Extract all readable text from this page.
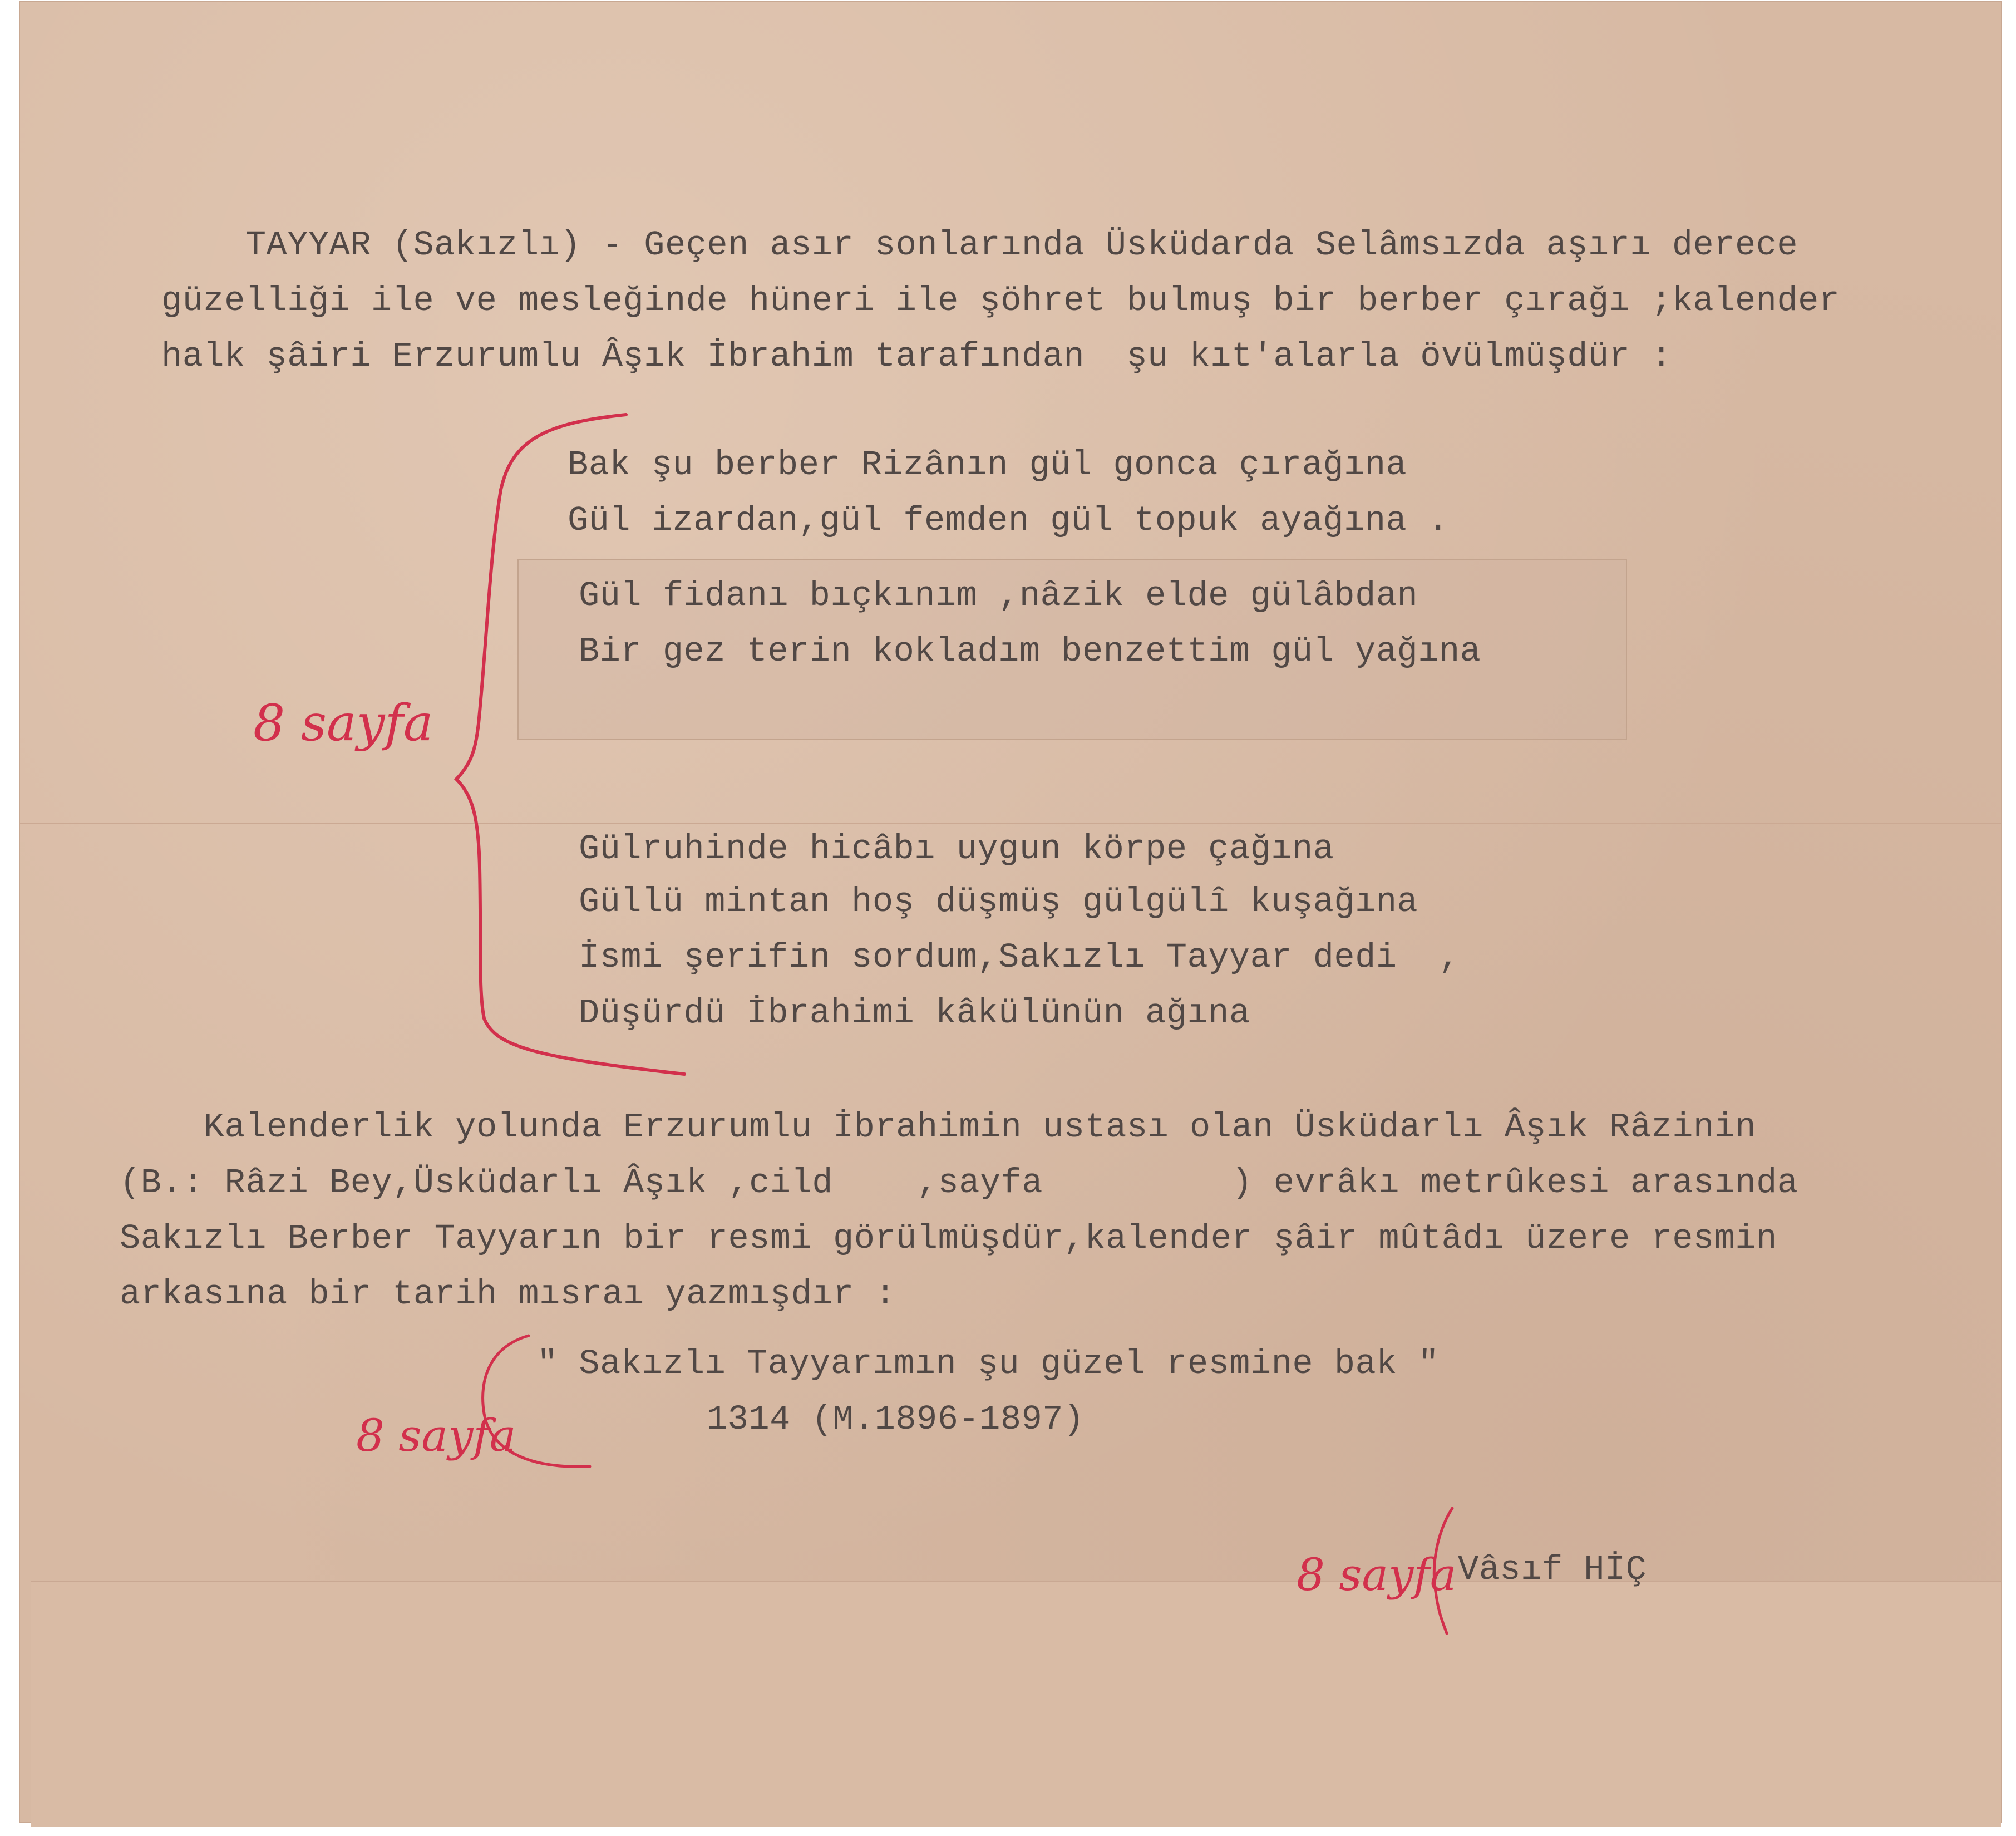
TAYYAR (Sakızlı) - Geçen asır sonlarında Üsküdarda Selâmsızda aşırı derece
güzelliği ile ve mesleğinde hüneri ile şöhret bulmuş bir berber çırağı ;kalender
halk şâiri Erzurumlu Âşık İbrahim tarafından  şu kıt'alarla övülmüşdür :
Bak şu berber Rizânın gül gonca çırağına
Gül izardan,gül femden gül topuk ayağına .
Gül fidanı bıçkınım ,nâzik elde gülâbdan
Bir gez terin kokladım benzettim gül yağına
Gülruhinde hicâbı uygun körpe çağına
Güllü mintan hoş düşmüş gülgülî kuşağına
İsmi şerifin sordum,Sakızlı Tayyar dedi  ,
Düşürdü İbrahimi kâkülünün ağına
Kalenderlik yolunda Erzurumlu İbrahimin ustası olan Üsküdarlı Âşık Râzinin
(B.: Râzi Bey,Üsküdarlı Âşık ,cild    ,sayfa         ) evrâkı metrûkesi arasında
Sakızlı Berber Tayyarın bir resmi görülmüşdür,kalender şâir mûtâdı üzere resmin
arkasına bir tarih mısraı yazmışdır :
" Sakızlı Tayyarımın şu güzel resmine bak "
1314 (M.1896-1897)
Vâsıf HİÇ
8 sayfa
8 sayfa
8 sayfa
